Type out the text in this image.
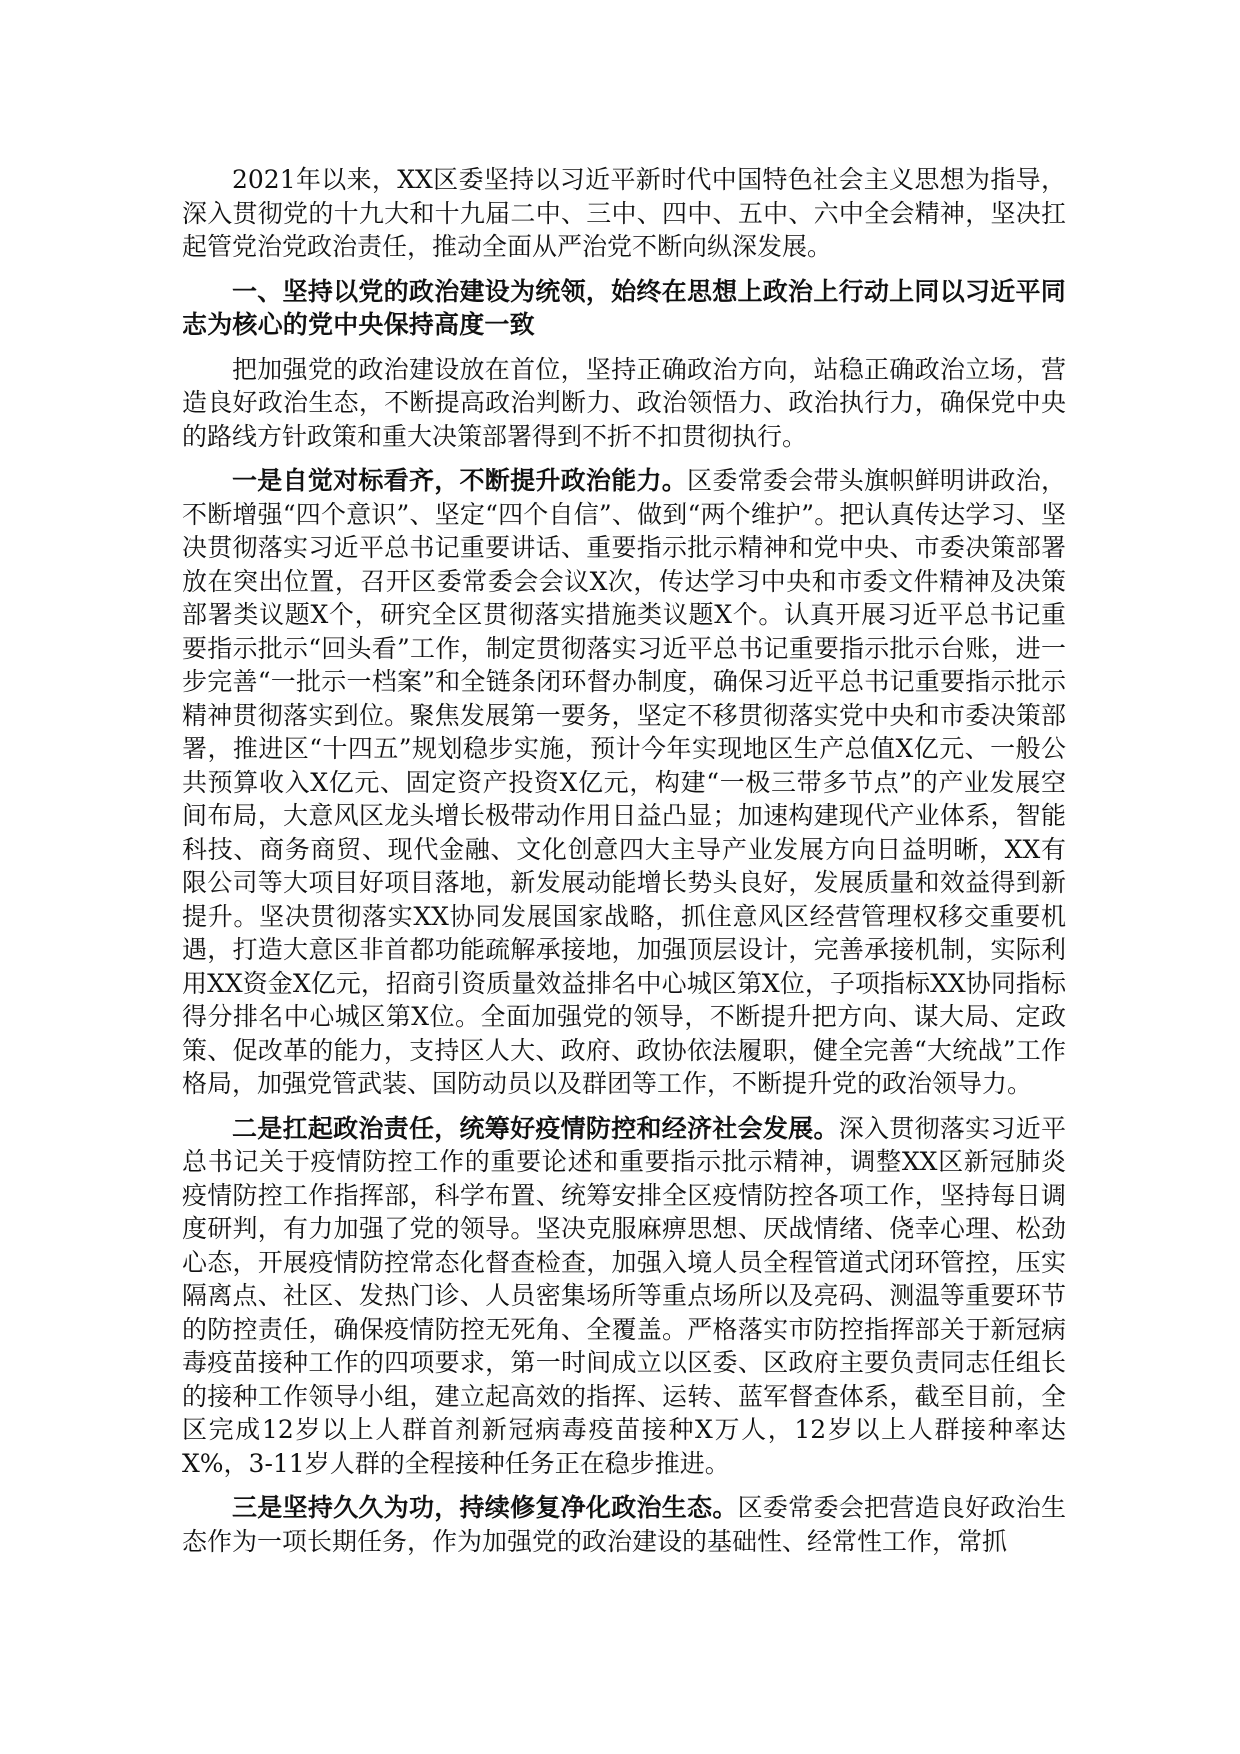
2021年以来，XX区委坚持以习近平新时代中国特色社会主义思想为指导，深入贯彻党的十九大和十九届二中、三中、四中、五中、六中全会精神，坚决扛起管党治党政治责任，推动全面从严治党不断向纵深发展。

一、坚持以党的政治建设为统领，始终在思想上政治上行动上同以习近平同志为核心的党中央保持高度一致

把加强党的政治建设放在首位，坚持正确政治方向，站稳正确政治立场，营造良好政治生态，不断提高政治判断力、政治领悟力、政治执行力，确保党中央的路线方针政策和重大决策部署得到不折不扣贯彻执行。

一是自觉对标看齐，不断提升政治能力。区委常委会带头旗帜鲜明讲政治，不断增强“四个意识”、坚定“四个自信”、做到“两个维护”。把认真传达学习、坚决贯彻落实习近平总书记重要讲话、重要指示批示精神和党中央、市委决策部署放在突出位置，召开区委常委会会议X次，传达学习中央和市委文件精神及决策部署类议题X个，研究全区贯彻落实措施类议题X个。认真开展习近平总书记重要指示批示“回头看”工作，制定贯彻落实习近平总书记重要指示批示台账，进一步完善“一批示一档案”和全链条闭环督办制度，确保习近平总书记重要指示批示精神贯彻落实到位。聚焦发展第一要务，坚定不移贯彻落实党中央和市委决策部署，推进区“十四五”规划稳步实施，预计今年实现地区生产总值X亿元、一般公共预算收入X亿元、固定资产投资X亿元，构建“一极三带多节点”的产业发展空间布局，大意风区龙头增长极带动作用日益凸显；加速构建现代产业体系，智能科技、商务商贸、现代金融、文化创意四大主导产业发展方向日益明晰，XX有限公司等大项目好项目落地，新发展动能增长势头良好，发展质量和效益得到新提升。坚决贯彻落实XX协同发展国家战略，抓住意风区经营管理权移交重要机遇，打造大意区非首都功能疏解承接地，加强顶层设计，完善承接机制，实际利用XX资金X亿元，招商引资质量效益排名中心城区第X位，子项指标XX协同指标得分排名中心城区第X位。全面加强党的领导，不断提升把方向、谋大局、定政策、促改革的能力，支持区人大、政府、政协依法履职，健全完善“大统战”工作格局，加强党管武装、国防动员以及群团等工作，不断提升党的政治领导力。

二是扛起政治责任，统筹好疫情防控和经济社会发展。深入贯彻落实习近平总书记关于疫情防控工作的重要论述和重要指示批示精神，调整XX区新冠肺炎疫情防控工作指挥部，科学布置、统筹安排全区疫情防控各项工作，坚持每日调度研判，有力加强了党的领导。坚决克服麻痹思想、厌战情绪、侥幸心理、松劲心态，开展疫情防控常态化督查检查，加强入境人员全程管道式闭环管控，压实隔离点、社区、发热门诊、人员密集场所等重点场所以及亮码、测温等重要环节的防控责任，确保疫情防控无死角、全覆盖。严格落实市防控指挥部关于新冠病毒疫苗接种工作的四项要求，第一时间成立以区委、区政府主要负责同志任组长的接种工作领导小组，建立起高效的指挥、运转、蓝军督查体系，截至目前，全区完成12岁以上人群首剂新冠病毒疫苗接种X万人，12岁以上人群接种率达X%，3-11岁人群的全程接种任务正在稳步推进。

三是坚持久久为功，持续修复净化政治生态。区委常委会把营造良好政治生态作为一项长期任务，作为加强党的政治建设的基础性、经常性工作，常抓
